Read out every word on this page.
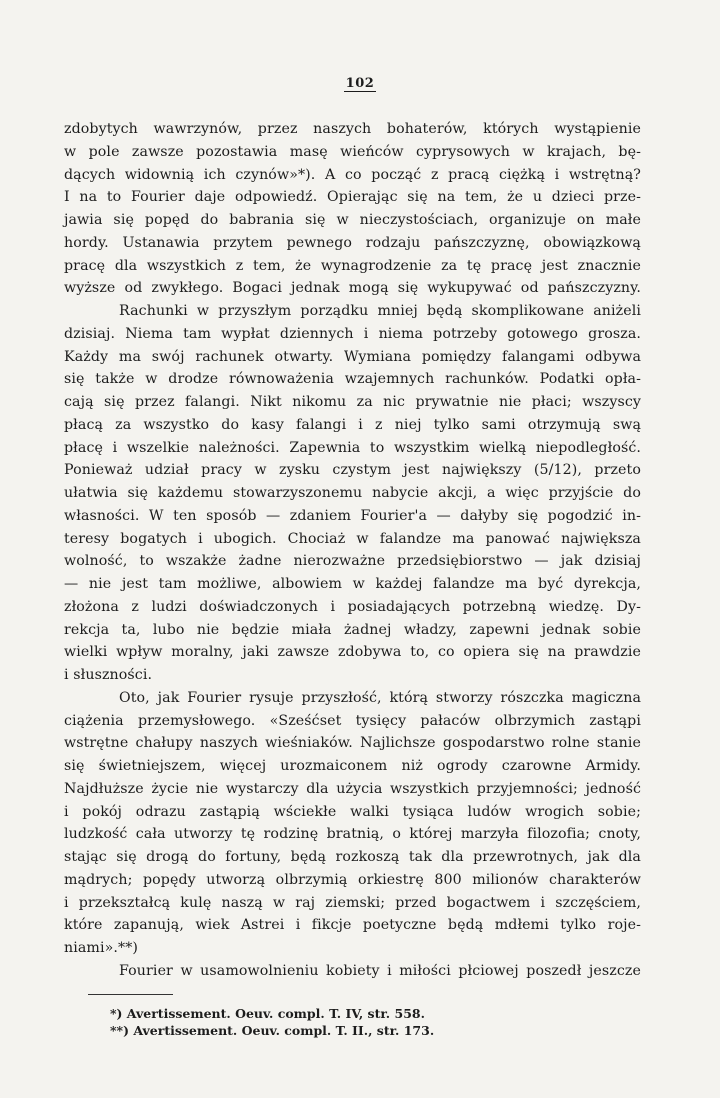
102
zdobytych wawrzynów, przez naszych bohaterów, których wystąpienie
w pole zawsze pozostawia masę wieńców cyprysowych w krajach, bę-
dących widownią ich czynów»*). A co począć z pracą ciężką i wstrętną?
I na to Fourier daje odpowiedź. Opierając się na tem, że u dzieci prze-
jawia się popęd do babrania się w nieczystościach, organizuje on małe
hordy. Ustanawia przytem pewnego rodzaju pańszczyznę, obowiązkową
pracę dla wszystkich z tem, że wynagrodzenie za tę pracę jest znacznie
wyższe od zwykłego. Bogaci jednak mogą się wykupywać od pańszczyzny.
Rachunki w przyszłym porządku mniej będą skomplikowane aniżeli
dzisiaj. Niema tam wypłat dziennych i niema potrzeby gotowego grosza.
Każdy ma swój rachunek otwarty. Wymiana pomiędzy falangami odbywa
się także w drodze równoważenia wzajemnych rachunków. Podatki opła-
cają się przez falangi. Nikt nikomu za nic prywatnie nie płaci; wszyscy
płacą za wszystko do kasy falangi i z niej tylko sami otrzymują swą
płacę i wszelkie należności. Zapewnia to wszystkim wielką niepodległość.
Ponieważ udział pracy w zysku czystym jest największy (5/12), przeto
ułatwia się każdemu stowarzyszonemu nabycie akcji, a więc przyjście do
własności. W ten sposób — zdaniem Fourier'a — dałyby się pogodzić in-
teresy bogatych i ubogich. Chociaż w falandze ma panować największa
wolność, to wszakże żadne nierozważne przedsiębiorstwo — jak dzisiaj
— nie jest tam możliwe, albowiem w każdej falandze ma być dyrekcja,
złożona z ludzi doświadczonych i posiadających potrzebną wiedzę. Dy-
rekcja ta, lubo nie będzie miała żadnej władzy, zapewni jednak sobie
wielki wpływ moralny, jaki zawsze zdobywa to, co opiera się na prawdzie
i słuszności.
Oto, jak Fourier rysuje przyszłość, którą stworzy rószczka magiczna
ciążenia przemysłowego. «Sześćset tysięcy pałaców olbrzymich zastąpi
wstrętne chałupy naszych wieśniaków. Najlichsze gospodarstwo rolne stanie
się świetniejszem, więcej urozmaiconem niż ogrody czarowne Armidy.
Najdłuższe życie nie wystarczy dla użycia wszystkich przyjemności; jedność
i pokój odrazu zastąpią wściekłe walki tysiąca ludów wrogich sobie;
ludzkość cała utworzy tę rodzinę bratnią, o której marzyła filozofia; cnoty,
stając się drogą do fortuny, będą rozkoszą tak dla przewrotnych, jak dla
mądrych; popędy utworzą olbrzymią orkiestrę 800 milionów charakterów
i przekształcą kulę naszą w raj ziemski; przed bogactwem i szczęściem,
które zapanują, wiek Astrei i fikcje poetyczne będą mdłemi tylko roje-
niami».**)
Fourier w usamowolnieniu kobiety i miłości płciowej poszedł jeszcze
*) Avertissement. Oeuv. compl. T. IV, str. 558.
**) Avertissement. Oeuv. compl. T. II., str. 173.
